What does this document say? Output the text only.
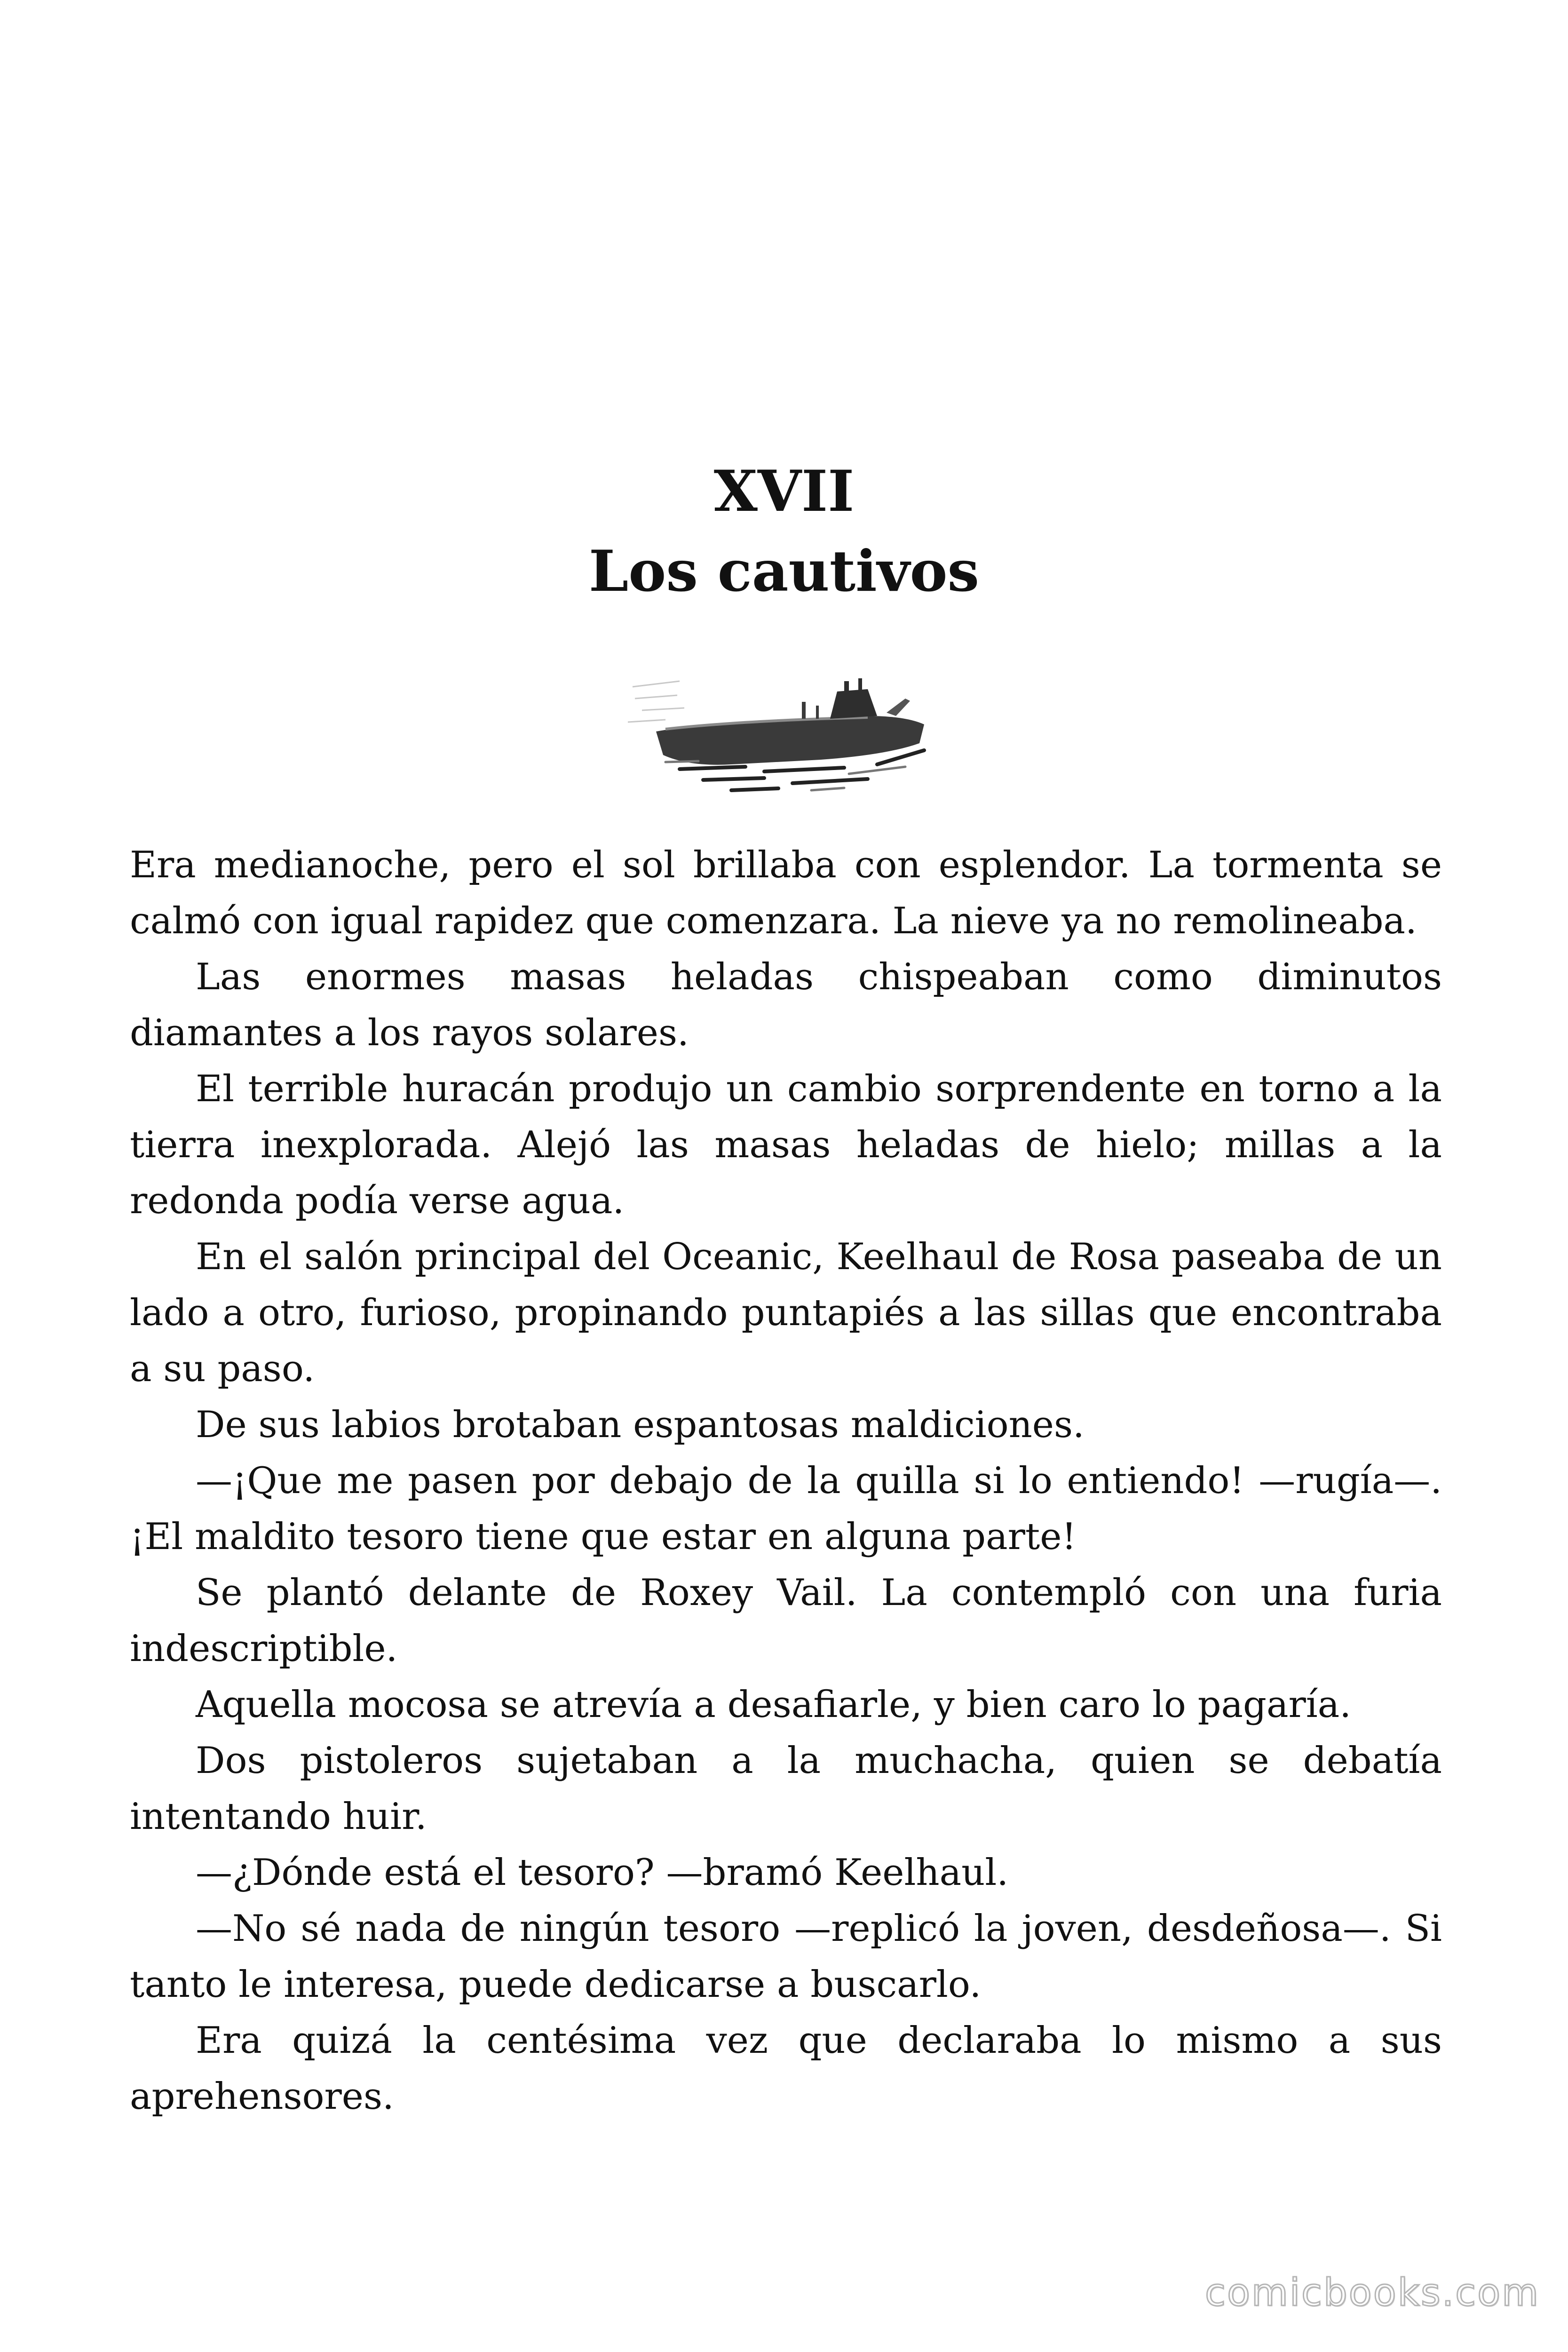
XVII
Los cautivos

Era medianoche, pero el sol brillaba con esplendor. La tormenta se calmó con igual rapidez que comenzara. La nieve ya no remolineaba.

Las enormes masas heladas chispeaban como diminutos diamantes a los rayos solares.

El terrible huracán produjo un cambio sorprendente en torno a la tierra inexplorada. Alejó las masas heladas de hielo; millas a la redonda podía verse agua.

En el salón principal del Oceanic, Keelhaul de Rosa paseaba de un lado a otro, furioso, propinando puntapiés a las sillas que encontraba a su paso.

De sus labios brotaban espantosas maldiciones.

—¡Que me pasen por debajo de la quilla si lo entiendo! —rugía—. ¡El maldito tesoro tiene que estar en alguna parte!

Se plantó delante de Roxey Vail. La contempló con una furia indescriptible.

Aquella mocosa se atrevía a desafiarle, y bien caro lo pagaría.

Dos pistoleros sujetaban a la muchacha, quien se debatía intentando huir.

—¿Dónde está el tesoro? —bramó Keelhaul.

—No sé nada de ningún tesoro —replicó la joven, desdeñosa—. Si tanto le interesa, puede dedicarse a buscarlo.

Era quizá la centésima vez que declaraba lo mismo a sus aprehensores.

comicbooks.com
